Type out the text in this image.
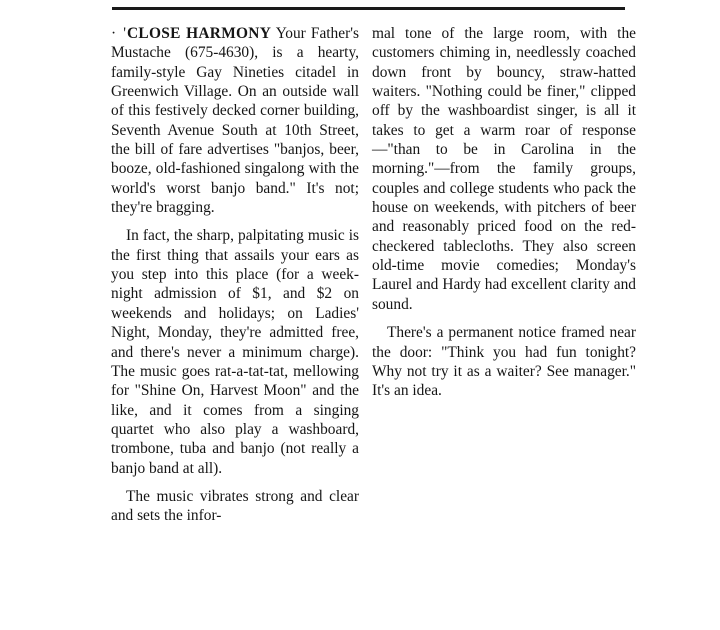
· 'CLOSE HARMONY Your Father's Mustache (675-4630), is a hearty, family-style Gay Nineties citadel in Greenwich Village. On an outside wall of this festively decked corner building, Seventh Avenue South at 10th Street, the bill of fare advertises "banjos, beer, booze, old-fashioned singalong with the world's worst banjo band." It's not; they're bragging.

In fact, the sharp, palpitating music is the first thing that assails your ears as you step into this place (for a week-night admission of $1, and $2 on weekends and holidays; on Ladies' Night, Monday, they're admitted free, and there's never a minimum charge). The music goes rat-a-tat-tat, mellowing for "Shine On, Harvest Moon" and the like, and it comes from a singing quartet who also play a washboard, trombone, tuba and banjo (not really a banjo band at all).

The music vibrates strong and clear and sets the infor-

mal tone of the large room, with the customers chiming in, needlessly coached down front by bouncy, straw-hatted waiters. "Nothing could be finer," clipped off by the washboardist singer, is all it takes to get a warm roar of response—"than to be in Carolina in the morning."—from the family groups, couples and college students who pack the house on weekends, with pitchers of beer and reasonably priced food on the red-checkered tablecloths. They also screen old-time movie comedies; Monday's Laurel and Hardy had excellent clarity and sound.

There's a permanent notice framed near the door: "Think you had fun tonight? Why not try it as a waiter? See manager." It's an idea.
